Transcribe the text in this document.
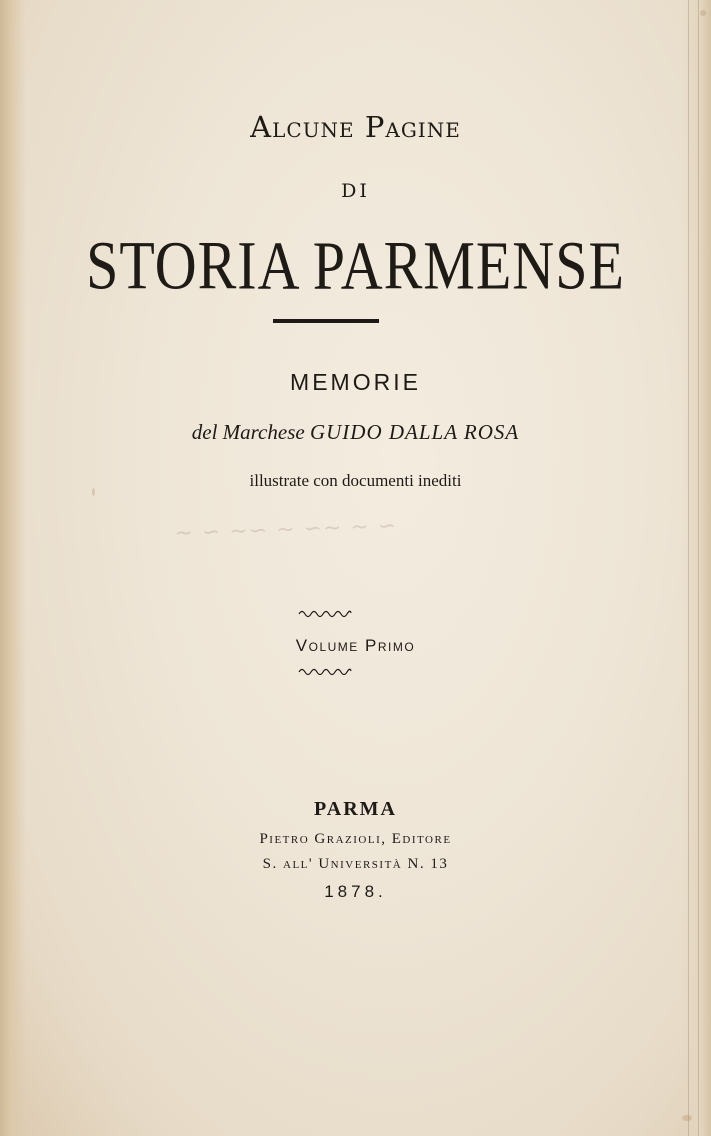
∼ ∽ ∼∽ ∼ ∽∼ ∼ ∽
Alcune Pagine
DI
STORIA PARMENSE
MEMORIE
del Marchese GUIDO DALLA ROSA
illustrate con documenti inediti
Volume Primo
PARMA
Pietro Grazioli, Editore
S. all' Università N. 13
1878.
